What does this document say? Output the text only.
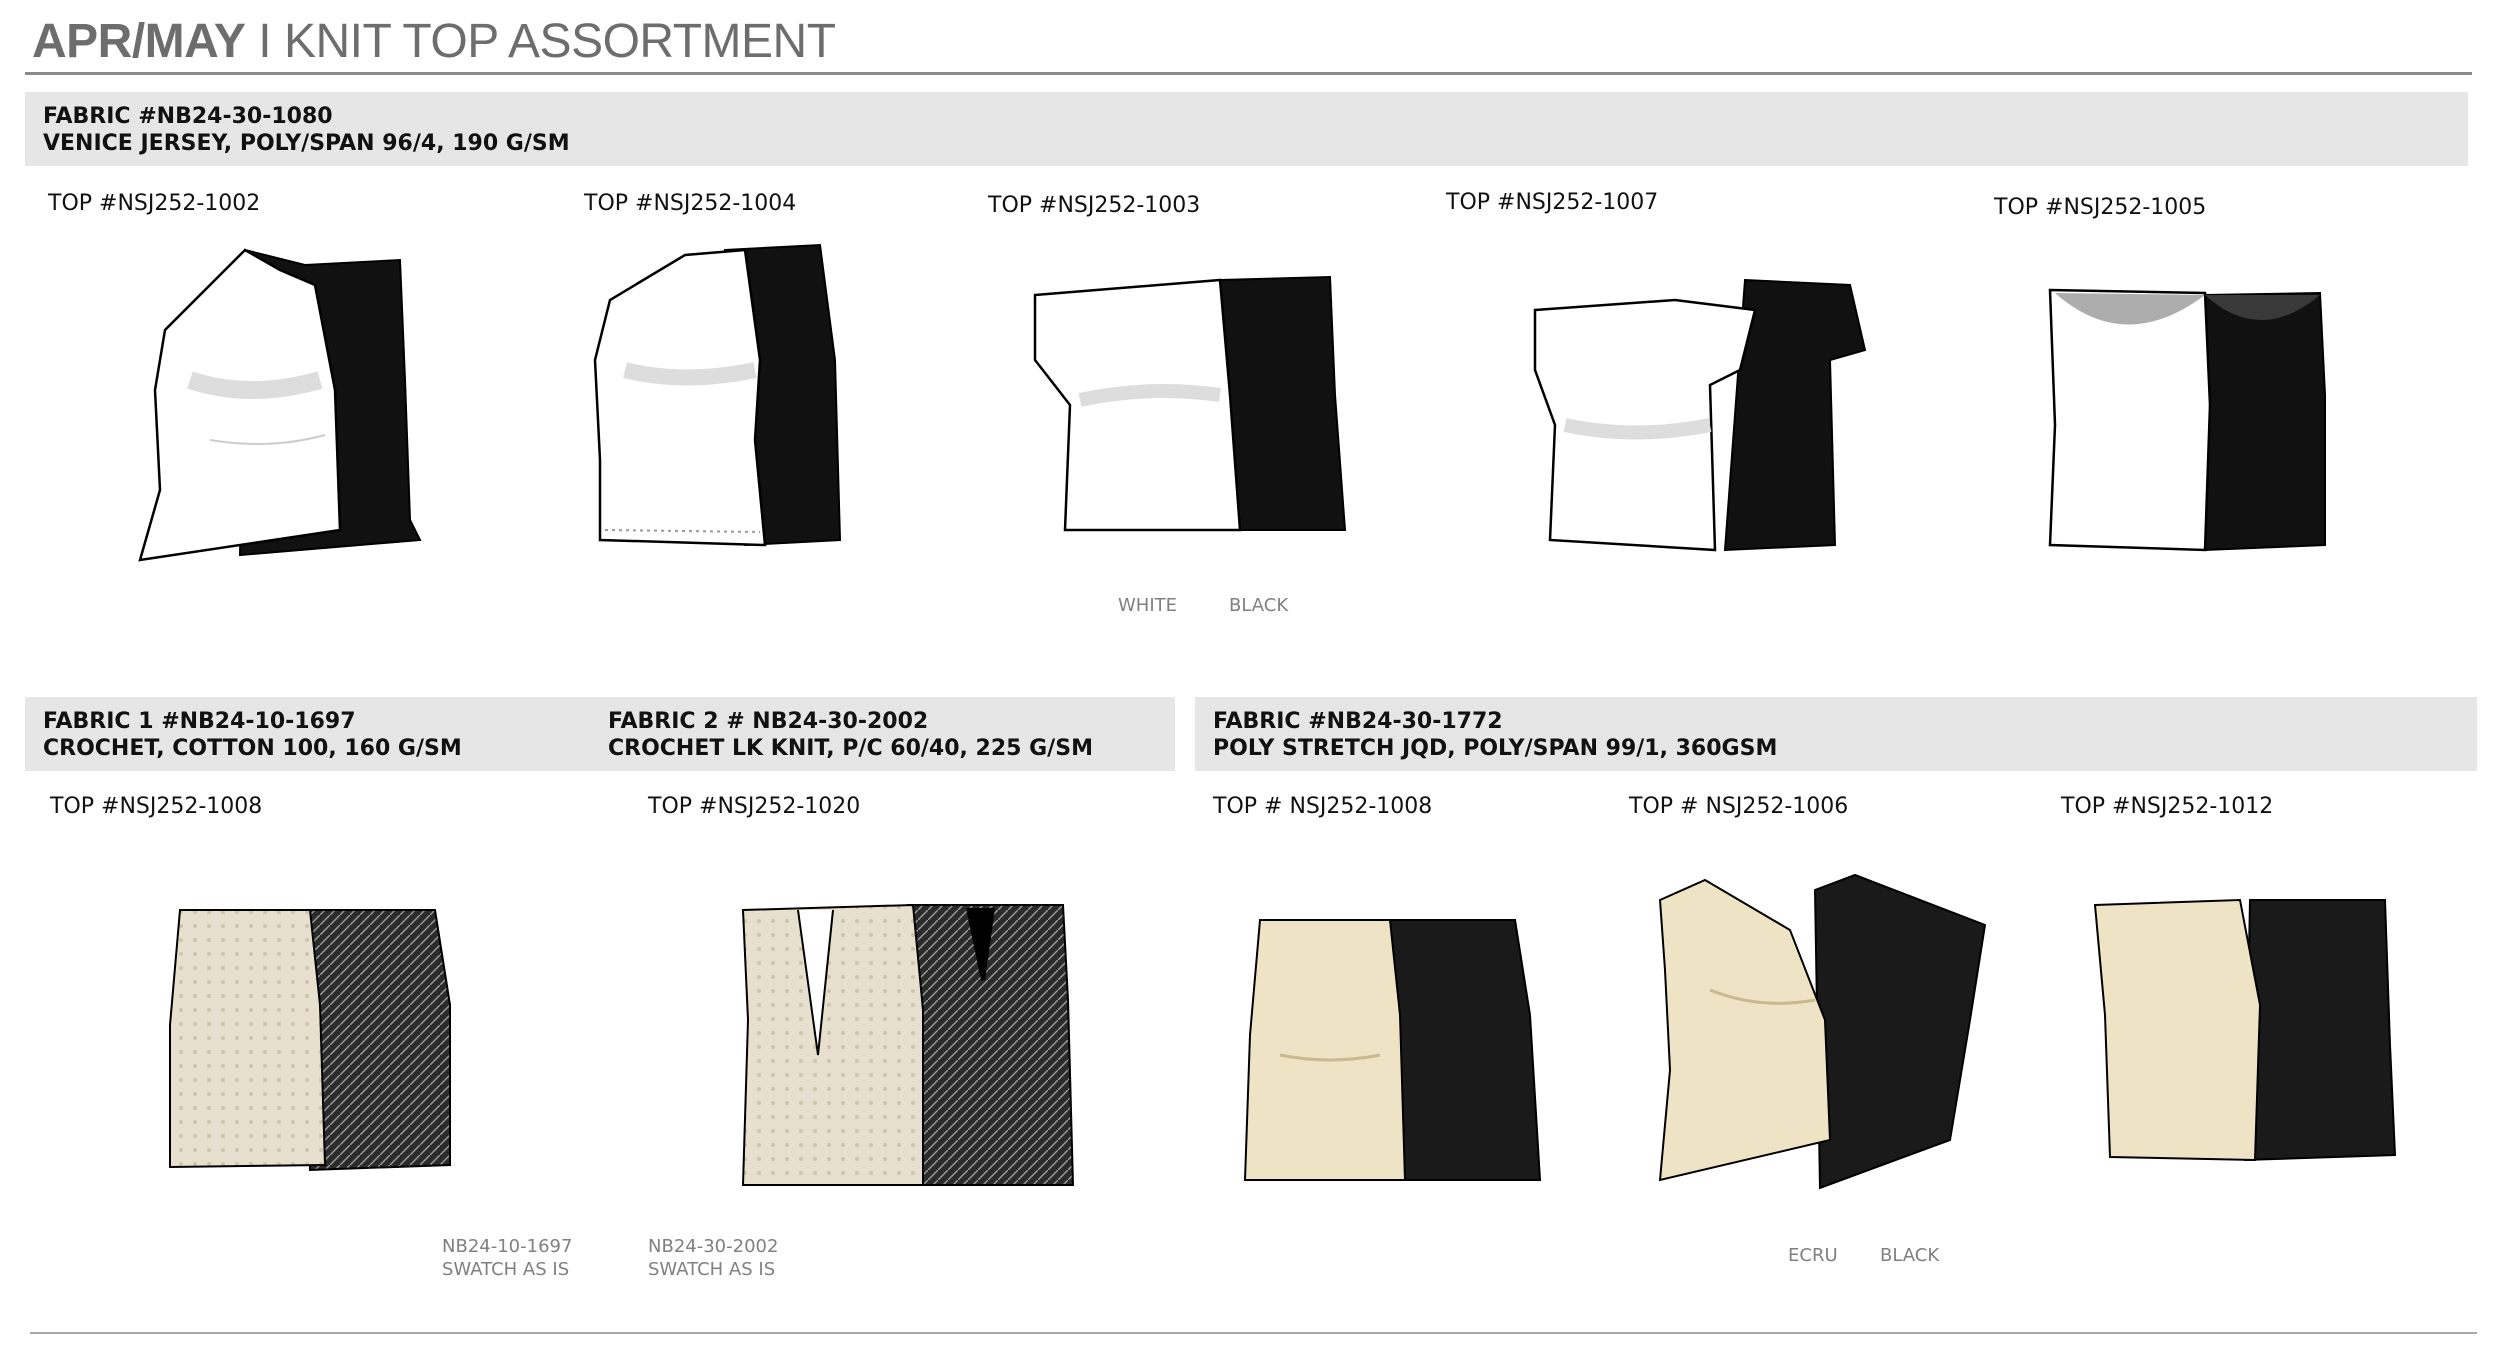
APR/MAY I KNIT TOP ASSORTMENT
FABRIC #NB24-30-1080
VENICE JERSEY, POLY/SPAN 96/4, 190 G/SM
TOP #NSJ252-1002	TOP #NSJ252-1004	TOP #NSJ252-1003	TOP #NSJ252-1007	TOP #NSJ252-1005
WHITE	BLACK
FABRIC 1 #NB24-10-1697
CROCHET, COTTON 100, 160 G/SM
FABRIC 2 # NB24-30-2002
CROCHET LK KNIT, P/C 60/40, 225 G/SM
FABRIC #NB24-30-1772
POLY STRETCH JQD, POLY/SPAN 99/1, 360GSM
TOP #NSJ252-1008	TOP #NSJ252-1020	TOP # NSJ252-1008	TOP # NSJ252-1006	TOP #NSJ252-1012
NB24-10-1697
SWATCH AS IS
NB24-30-2002
SWATCH AS IS
ECRU BLACK
